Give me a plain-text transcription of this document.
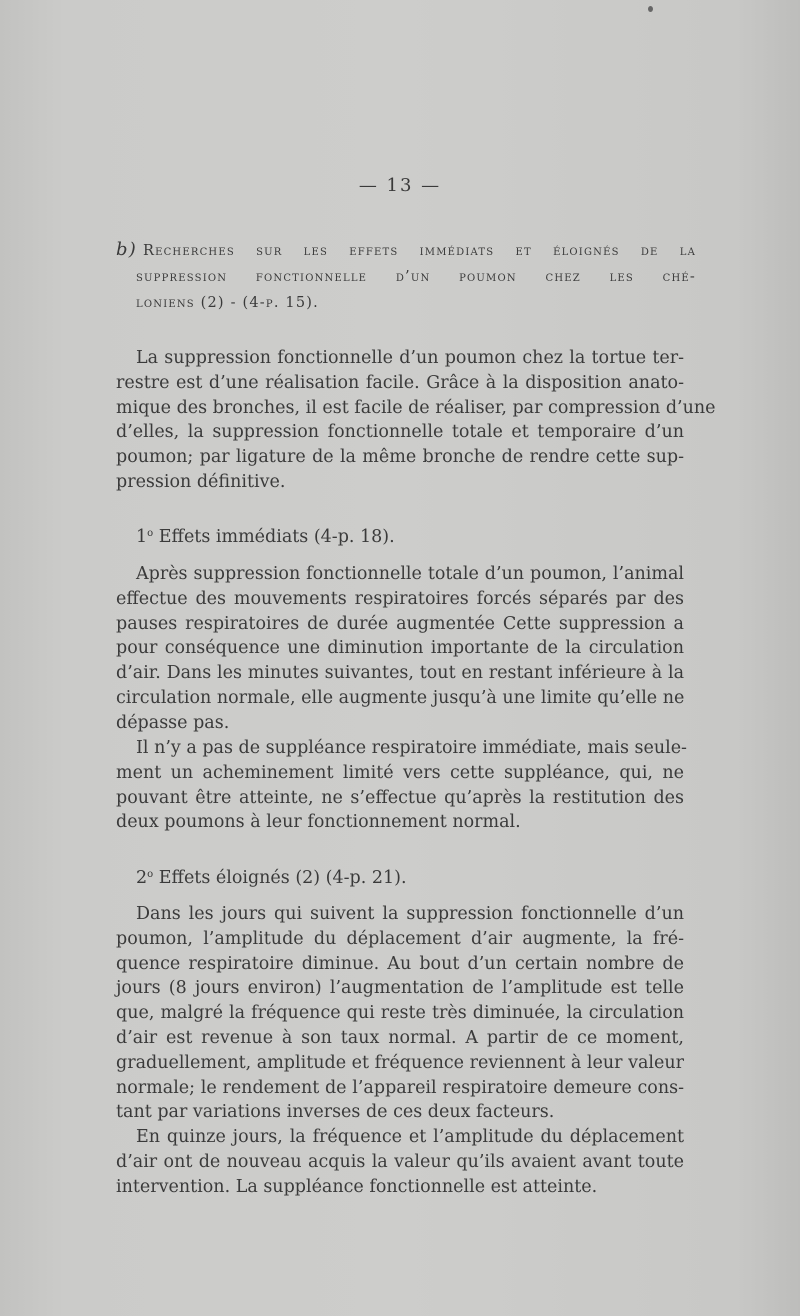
— 13 —
b) Recherches sur les effets immédiats et éloignés de la
suppression fonctionnelle d’un poumon chez les ché-
loniens (2) - (4-p. 15).
La suppression fonctionnelle d’un poumon chez la tortue ter-
restre est d’une réalisation facile. Grâce à la disposition anato-
mique des bronches, il est facile de réaliser, par compression d’une
d’elles, la suppression fonctionnelle totale et temporaire d’un
poumon; par ligature de la même bronche de rendre cette sup-
pression définitive.
1$^o$ Effets immédiats (4-p. 18).
Après suppression fonctionnelle totale d’un poumon, l’animal
effectue des mouvements respiratoires forcés séparés par des
pauses respiratoires de durée augmentée Cette suppression a
pour conséquence une diminution importante de la circulation
d’air. Dans les minutes suivantes, tout en restant inférieure à la
circulation normale, elle augmente jusqu’à une limite qu’elle ne
dépasse pas.
Il n’y a pas de suppléance respiratoire immédiate, mais seule-
ment un acheminement limité vers cette suppléance, qui, ne
pouvant être atteinte, ne s’effectue qu’après la restitution des
deux poumons à leur fonctionnement normal.
2$^o$ Effets éloignés (2) (4-p. 21).
Dans les jours qui suivent la suppression fonctionnelle d’un
poumon, l’amplitude du déplacement d’air augmente, la fré-
quence respiratoire diminue. Au bout d’un certain nombre de
jours (8 jours environ) l’augmentation de l’amplitude est telle
que, malgré la fréquence qui reste très diminuée, la circulation
d’air est revenue à son taux normal. A partir de ce moment,
graduellement, amplitude et fréquence reviennent à leur valeur
normale; le rendement de l’appareil respiratoire demeure cons-
tant par variations inverses de ces deux facteurs.
En quinze jours, la fréquence et l’amplitude du déplacement
d’air ont de nouveau acquis la valeur qu’ils avaient avant toute
intervention. La suppléance fonctionnelle est atteinte.
